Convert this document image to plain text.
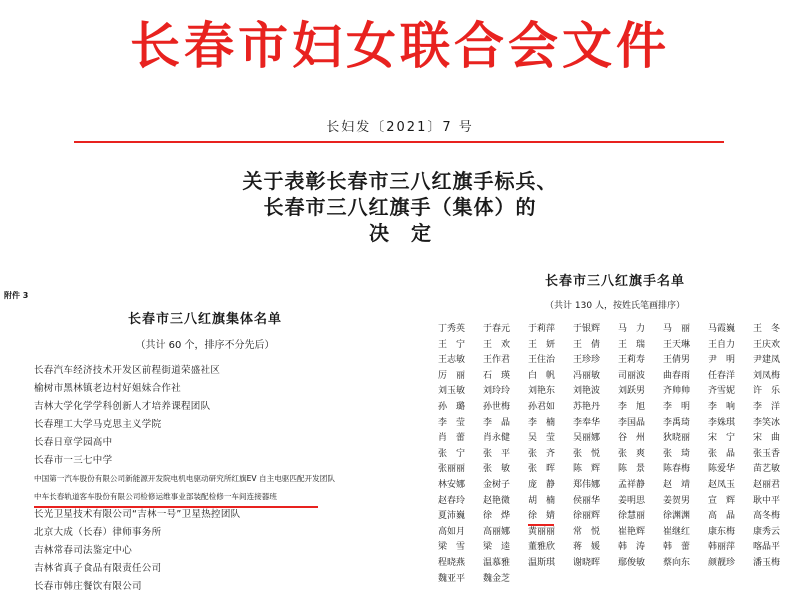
长春市妇女联合会文件
长妇发〔2021〕7 号
关于表彰长春市三八红旗手标兵、
长春市三八红旗手（集体）的
决定
附件 3
长春市三八红旗集体名单
（共计 60 个，排序不分先后）
长春汽车经济技术开发区前程街道荣盛社区
榆树市黑林镇老边村好姐妹合作社
吉林大学化学学科创新人才培养课程团队
长春理工大学马克思主义学院
长春日章学园高中
长春市一三七中学
中国第一汽车股份有限公司新能源开发院电机电驱动研究所红旗EV 自主电驱匹配开发团队
中车长春轨道客车股份有限公司检修运维事业部装配检修一车间连接器班
长光卫星技术有限公司“吉林一号”卫星热控团队
北京大成（长春）律师事务所
吉林常春司法鉴定中心
吉林省真子食品有限责任公司
长春市韩庄餐饮有限公司
长春市三八红旗手名单
（共计 130 人，按姓氏笔画排序）
丁秀英	于春元	于莉萍	于银辉	马　力	马　丽	马霞巍	王　冬
王　宁	王　欢	王　妍	王　倩	王　瑞	王天琳	王自力	王庆欢
王志敏	王作君	王住治	王珍珍	王莉寿	王倩男	尹　明	尹建凤
厉　丽	石　瑛	白　帆	冯丽敏	司丽波	曲春雨	任春洋	刘凤梅
刘玉敏	刘玲玲	刘艳东	刘艳波	刘跃男	齐帅帅	齐雪妮	许　乐
孙　璐	孙世梅	孙君如	苏艳丹	李　旭	李　明	李　响	李　洋
李　莹	李　晶	李　楠	李奉华	李国晶	李禹琦	李姝琪	李笑冰
肖　蕾	肖永健	吴　莹	吴丽娜	谷　州	狄晓丽	宋　宁	宋　曲
张　宁	张　平	张　齐	张　悦	张　爽	张　琦	张　晶	张玉香
张丽丽	张　敏	张　晖	陈　辉	陈　景	陈春梅	陈爱华	苗艺敏
林安娜	金树子	庞　静	郑伟娜	孟祥静	赵　靖	赵凤玉	赵丽君
赵春玲	赵艳微	胡　楠	侯丽华	姜明思	姜贺男	宣　辉	耿中平
夏沛巍	徐　烨	徐　婧	徐丽辉	徐慧丽	徐渊渊	高　晶	高冬梅
高如月	高丽娜	黄丽丽	常　悦	崔艳辉	崔继红	康东梅	康秀云
梁　雪	梁　逵	董雅欣	蒋　媛	韩　涛	韩　蕾	韩丽萍	喀晶平
程晓燕	温慕雅	温斯琪	谢晓晖	鄢俊敏	蔡向东	颜靓珍	潘玉梅
魏亚平	魏金芝
